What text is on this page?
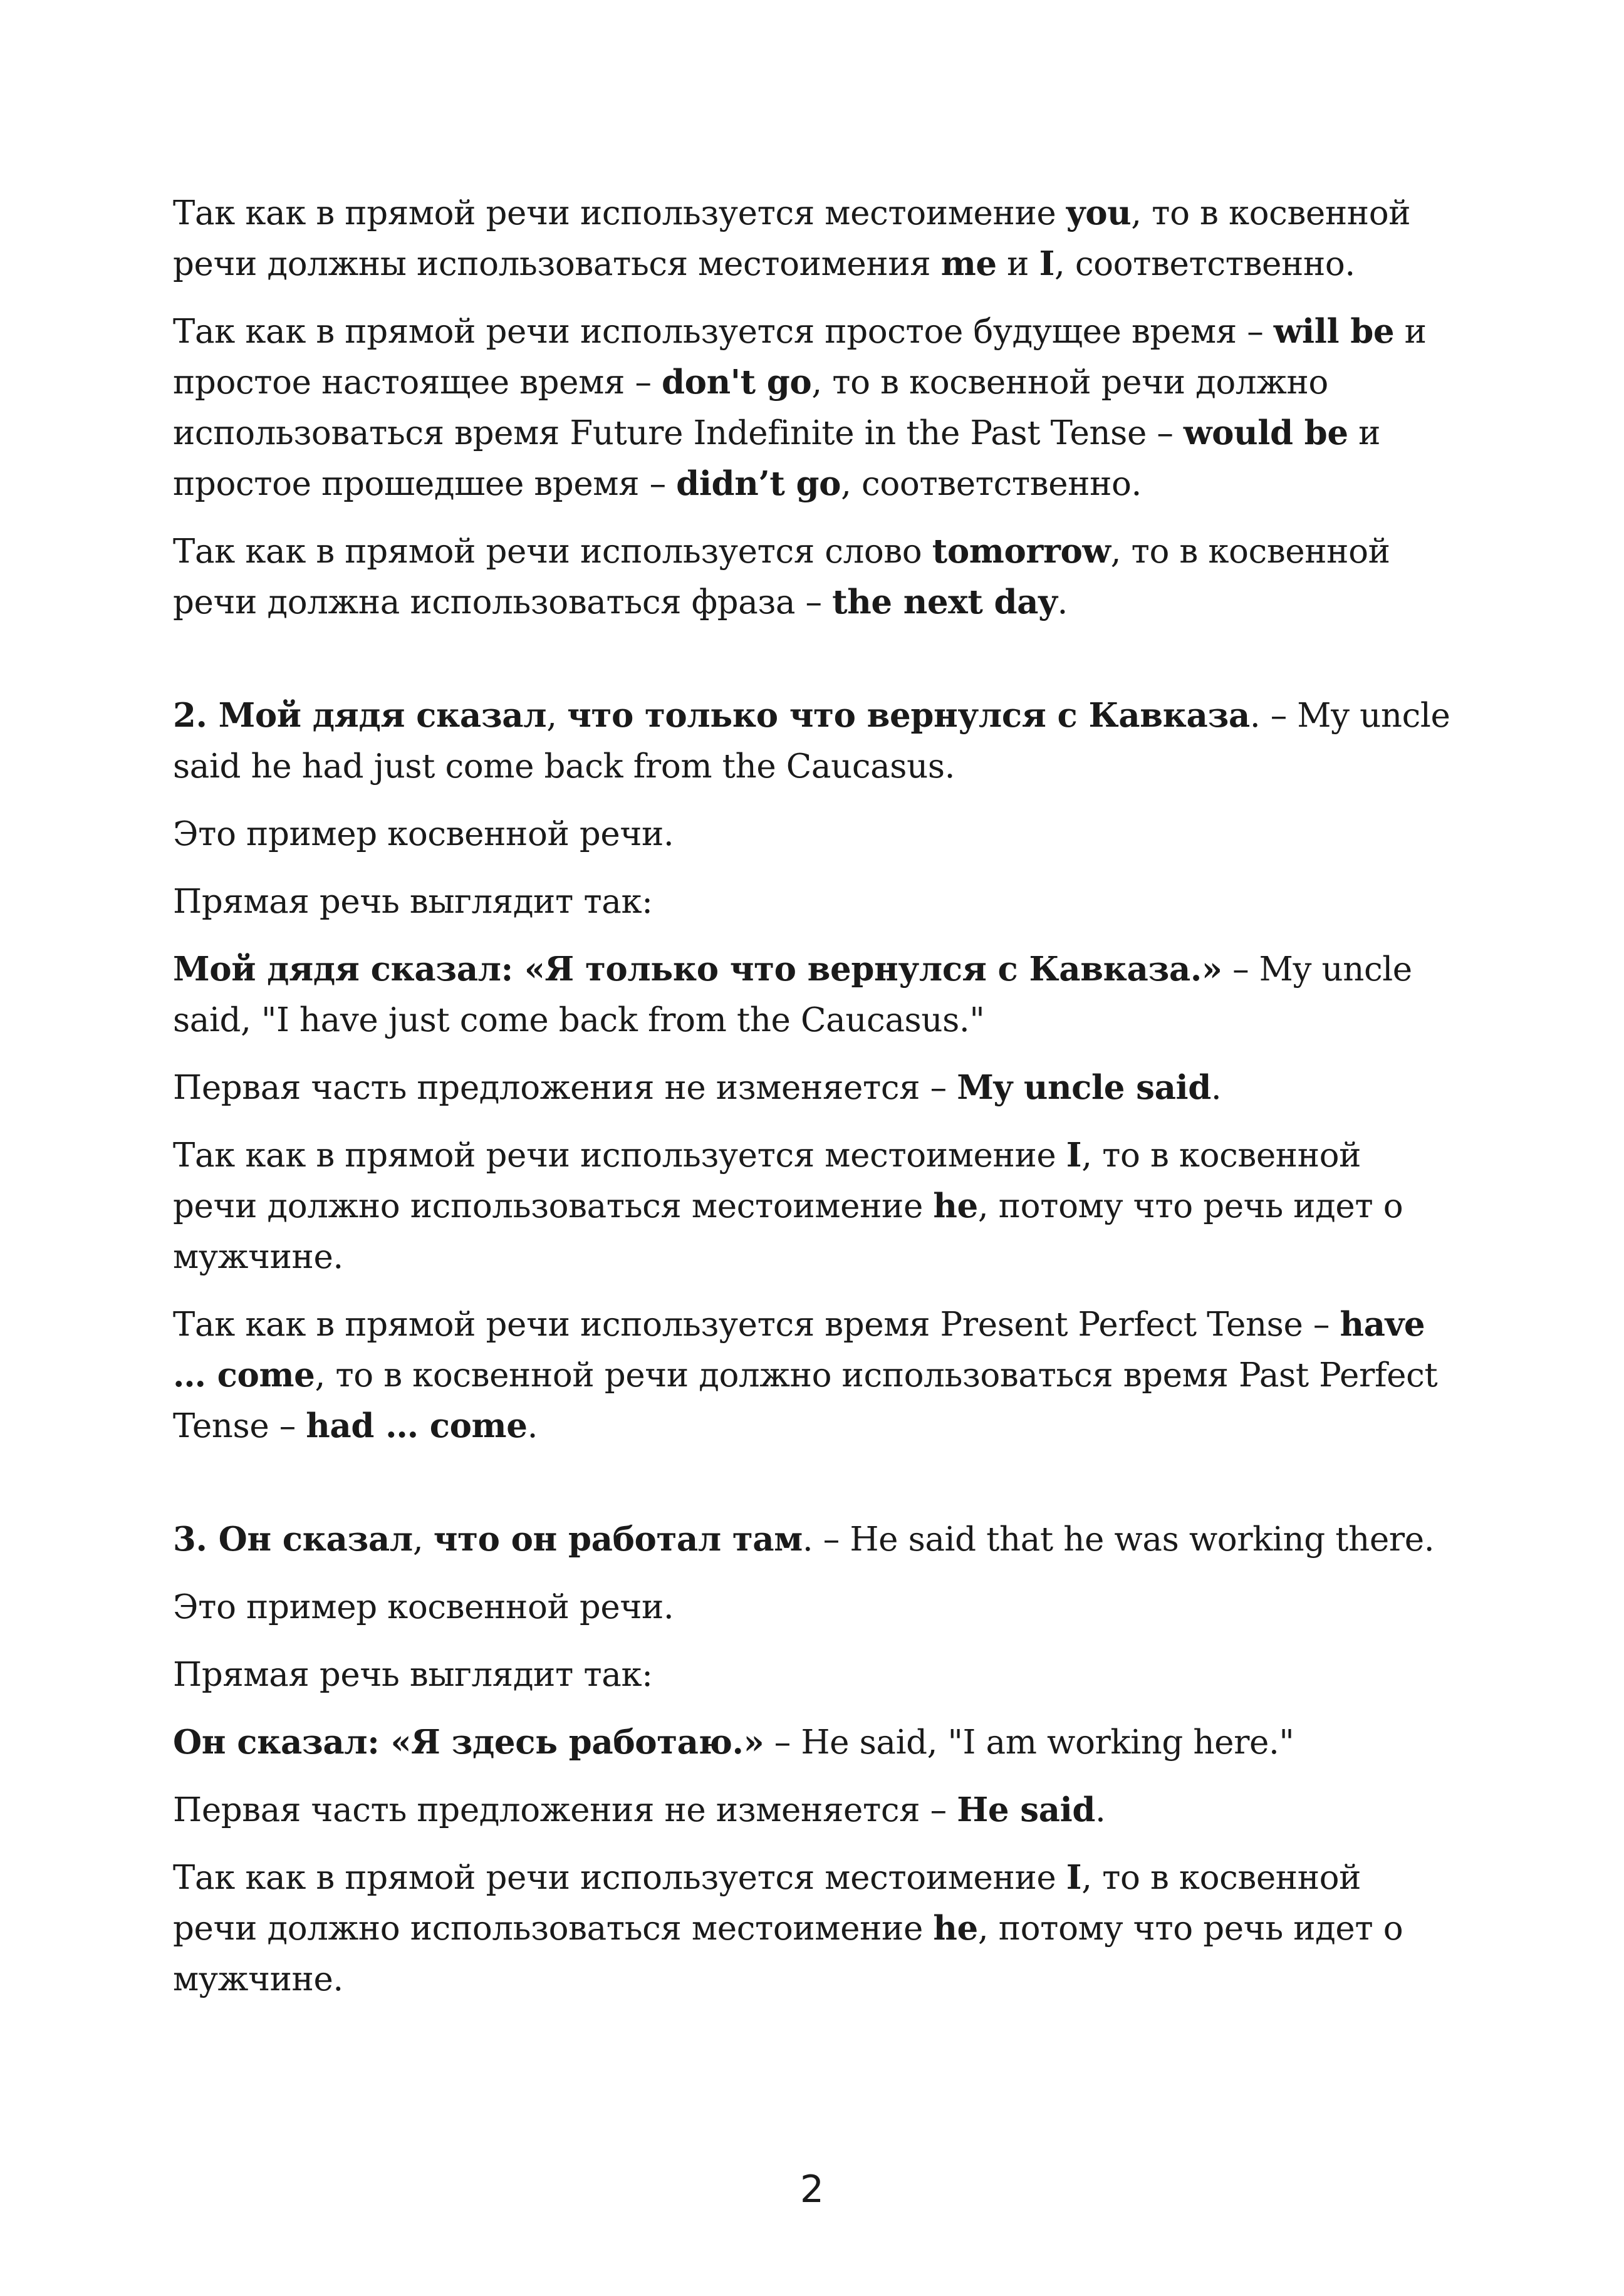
Так как в прямой речи используется местоимение you, то в косвенной речи должны использоваться местоимения me и I, соответственно.

Так как в прямой речи используется простое будущее время – will be и простое настоящее время – don't go, то в косвенной речи должно использоваться время Future Indefinite in the Past Tense – would be и простое прошедшее время – didn’t go, соответственно.

Так как в прямой речи используется слово tomorrow, то в косвенной речи должна использоваться фраза – the next day.

2. Мой дядя сказал, что только что вернулся с Кавказа. – My uncle said he had just come back from the Caucasus.

Это пример косвенной речи.

Прямая речь выглядит так:

Мой дядя сказал: «Я только что вернулся с Кавказа.» – My uncle said, "I have just come back from the Caucasus."

Первая часть предложения не изменяется – My uncle said.

Так как в прямой речи используется местоимение I, то в косвенной речи должно использоваться местоимение he, потому что речь идет о мужчине.

Так как в прямой речи используется время Present Perfect Tense – have … come, то в косвенной речи должно использоваться время Past Perfect Tense – had … come.

3. Он сказал, что он работал там. – He said that he was working there.

Это пример косвенной речи.

Прямая речь выглядит так:

Он сказал: «Я здесь работаю.» – He said, "I am working here."

Первая часть предложения не изменяется – He said.

Так как в прямой речи используется местоимение I, то в косвенной речи должно использоваться местоимение he, потому что речь идет о мужчине.

2
